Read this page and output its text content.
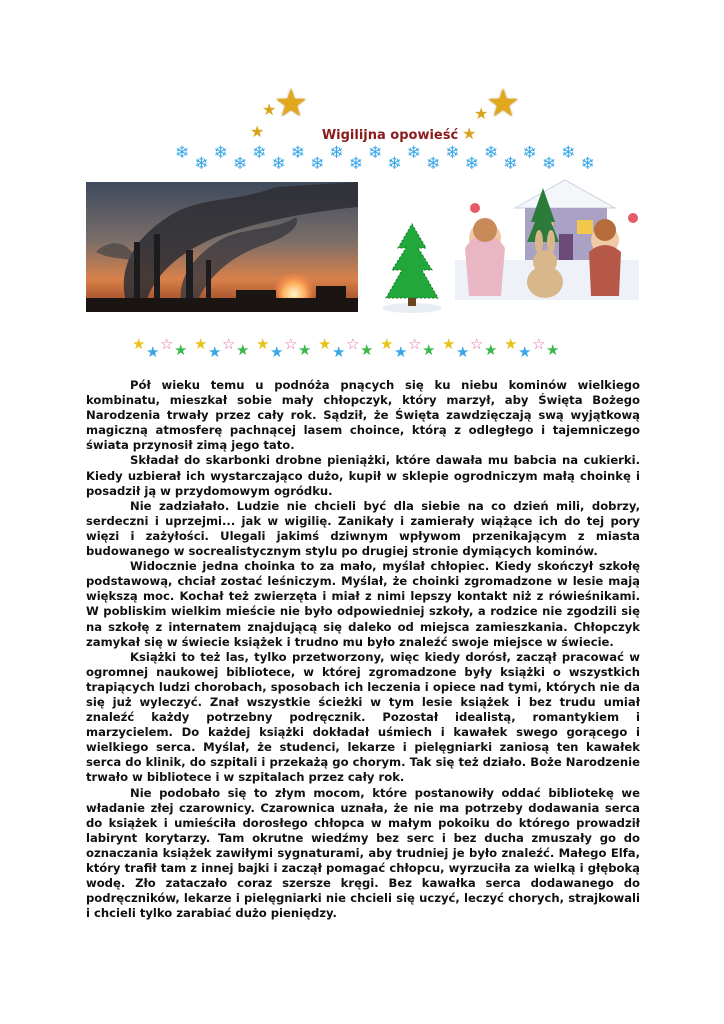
★
★
★
★
★
★
Wigilijna opowieść
❄
❄
❄
❄
❄
❄
❄
❄
❄
❄
❄
❄
❄
❄
❄
❄
❄
❄
❄
❄
❄
❄
★ ★ ☆ ★ ★ ★ ☆ ★ ★ ★ ☆ ★ ★ ★ ☆ ★ ★ ★ ☆ ★ ★ ★ ☆ ★ ★ ★ ☆ ★

Pół wieku temu u podnóża pnących się ku niebu kominów wielkiego kombinatu, mieszkał sobie mały chłopczyk, który marzył, aby Święta Bożego Narodzenia trwały przez cały rok. Sądził, że Święta zawdzięczają swą wyjątkową magiczną atmosferę pachnącej lasem choince, którą z odległego i tajemniczego świata przynosił zimą jego tato.

Składał do skarbonki drobne pieniążki, które dawała mu babcia na cukierki. Kiedy uzbierał ich wystarczająco dużo, kupił w sklepie ogrodniczym małą choinkę i posadził ją w przydomowym ogródku.

Nie zadziałało. Ludzie nie chcieli być dla siebie na co dzień mili, dobrzy, serdeczni i uprzejmi... jak w wigilię. Zanikały i zamierały wiążące ich do tej pory więzi i zażyłości. Ulegali jakimś dziwnym wpływom przenikającym z miasta budowanego w socrealistycznym stylu po drugiej stronie dymiących kominów.

Widocznie jedna choinka to za mało, myślał chłopiec. Kiedy skończył szkołę podstawową, chciał zostać leśniczym. Myślał, że choinki zgromadzone w lesie mają większą moc. Kochał też zwierzęta i miał z nimi lepszy kontakt niż z rówieśnikami. W pobliskim wielkim mieście nie było odpowiedniej szkoły, a rodzice nie zgodzili się na szkołę z internatem znajdującą się daleko od miejsca zamieszkania. Chłopczyk zamykał się w świecie książek i trudno mu było znaleźć swoje miejsce w świecie.

Książki to też las, tylko przetworzony, więc kiedy dorósł, zaczął pracować w ogromnej naukowej bibliotece, w której zgromadzone były książki o wszystkich trapiących ludzi chorobach, sposobach ich leczenia i opiece nad tymi, których nie da się już wyleczyć. Znał wszystkie ścieżki w tym lesie książek i bez trudu umiał znaleźć każdy potrzebny podręcznik. Pozostał idealistą, romantykiem i marzycielem. Do każdej książki dokładał uśmiech i kawałek swego gorącego i wielkiego serca. Myślał, że studenci, lekarze i pielęgniarki zaniosą ten kawałek serca do klinik, do szpitali i przekażą go chorym. Tak się też działo. Boże Narodzenie trwało w bibliotece i w szpitalach przez cały rok.

Nie podobało się to złym mocom, które postanowiły oddać bibliotekę we władanie złej czarownicy. Czarownica uznała, że nie ma potrzeby dodawania serca do książek i umieściła dorosłego chłopca w małym pokoiku do którego prowadził labirynt korytarzy. Tam okrutne wiedźmy bez serc i bez ducha zmuszały go do oznaczania książek zawiłymi sygnaturami, aby trudniej je było znaleźć. Małego Elfa, który trafił tam z innej bajki i zaczął pomagać chłopcu, wyrzuciła za wielką i głęboką wodę. Zło zataczało coraz szersze kręgi. Bez kawałka serca dodawanego do podręczników, lekarze i pielęgniarki nie chcieli się uczyć, leczyć chorych, strajkowali i chcieli tylko zarabiać dużo pieniędzy.
